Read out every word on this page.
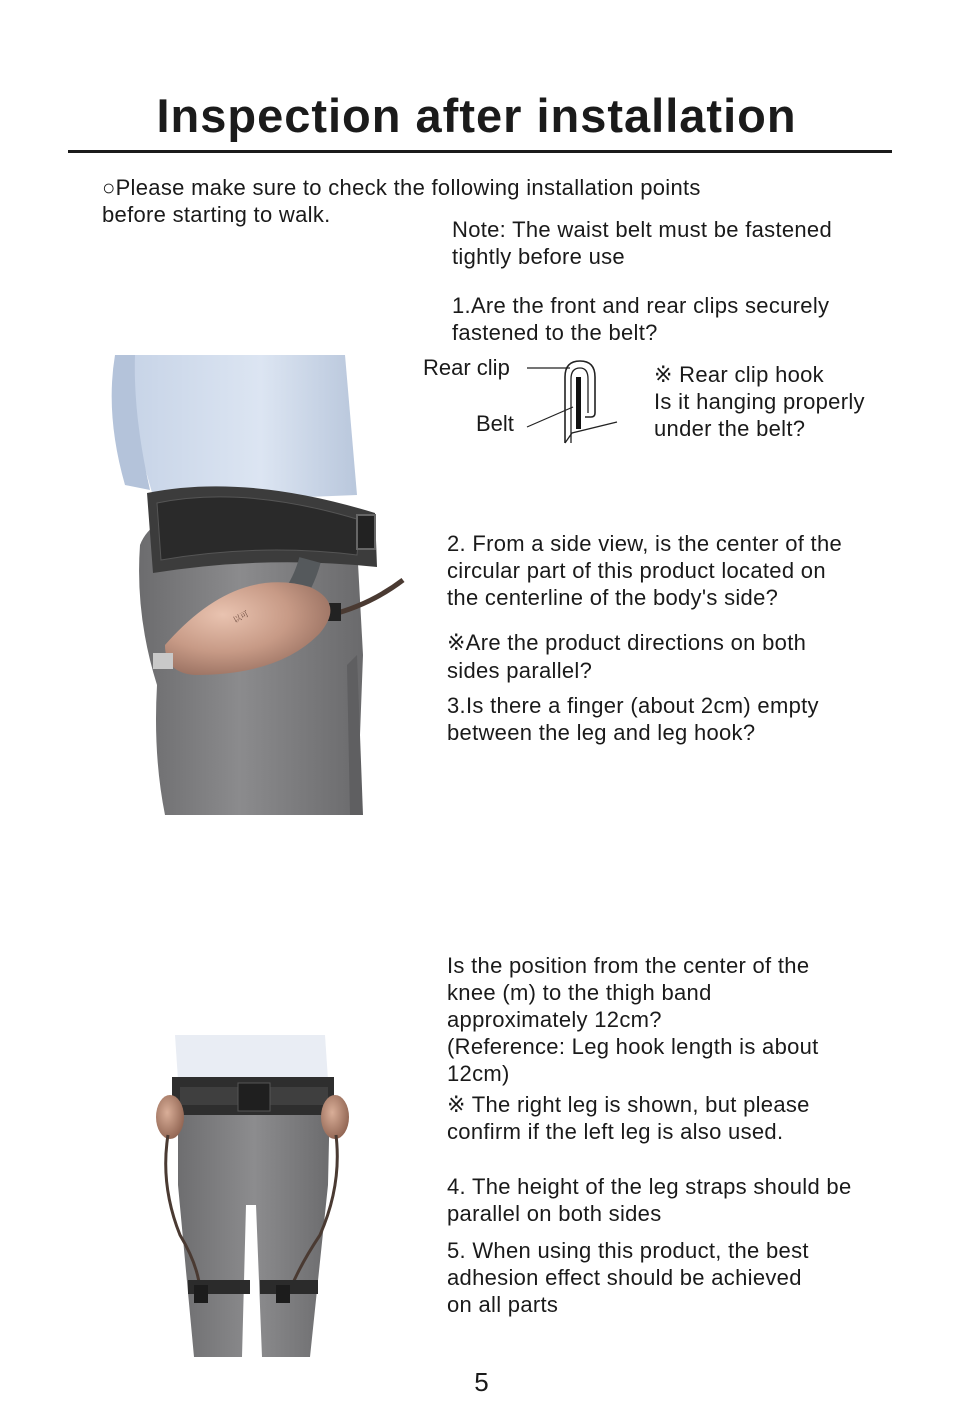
Inspection after installation
○Please make sure to check the following installation points
before starting to walk.
Note: The waist belt must be fastened
tightly before use
1.Are the front and rear clips securely
fastened to the belt?
Rear clip
Belt
※ Rear clip hook
Is it hanging properly
under the belt?
以可
2. From a side view, is the center of the
circular part of this product located on
the centerline of the body's side?
※Are the product directions on both
sides parallel?
3.Is there a finger (about 2cm) empty
between the leg and leg hook?
Is the position from the center of the
knee (m) to the thigh band
approximately 12cm?
(Reference: Leg hook length is about
12cm)
※ The right leg is shown, but please
confirm if the left leg is also used.
4. The height of the leg straps should be
parallel on both sides
5. When using this product, the best
adhesion effect should be achieved
on all parts
5
